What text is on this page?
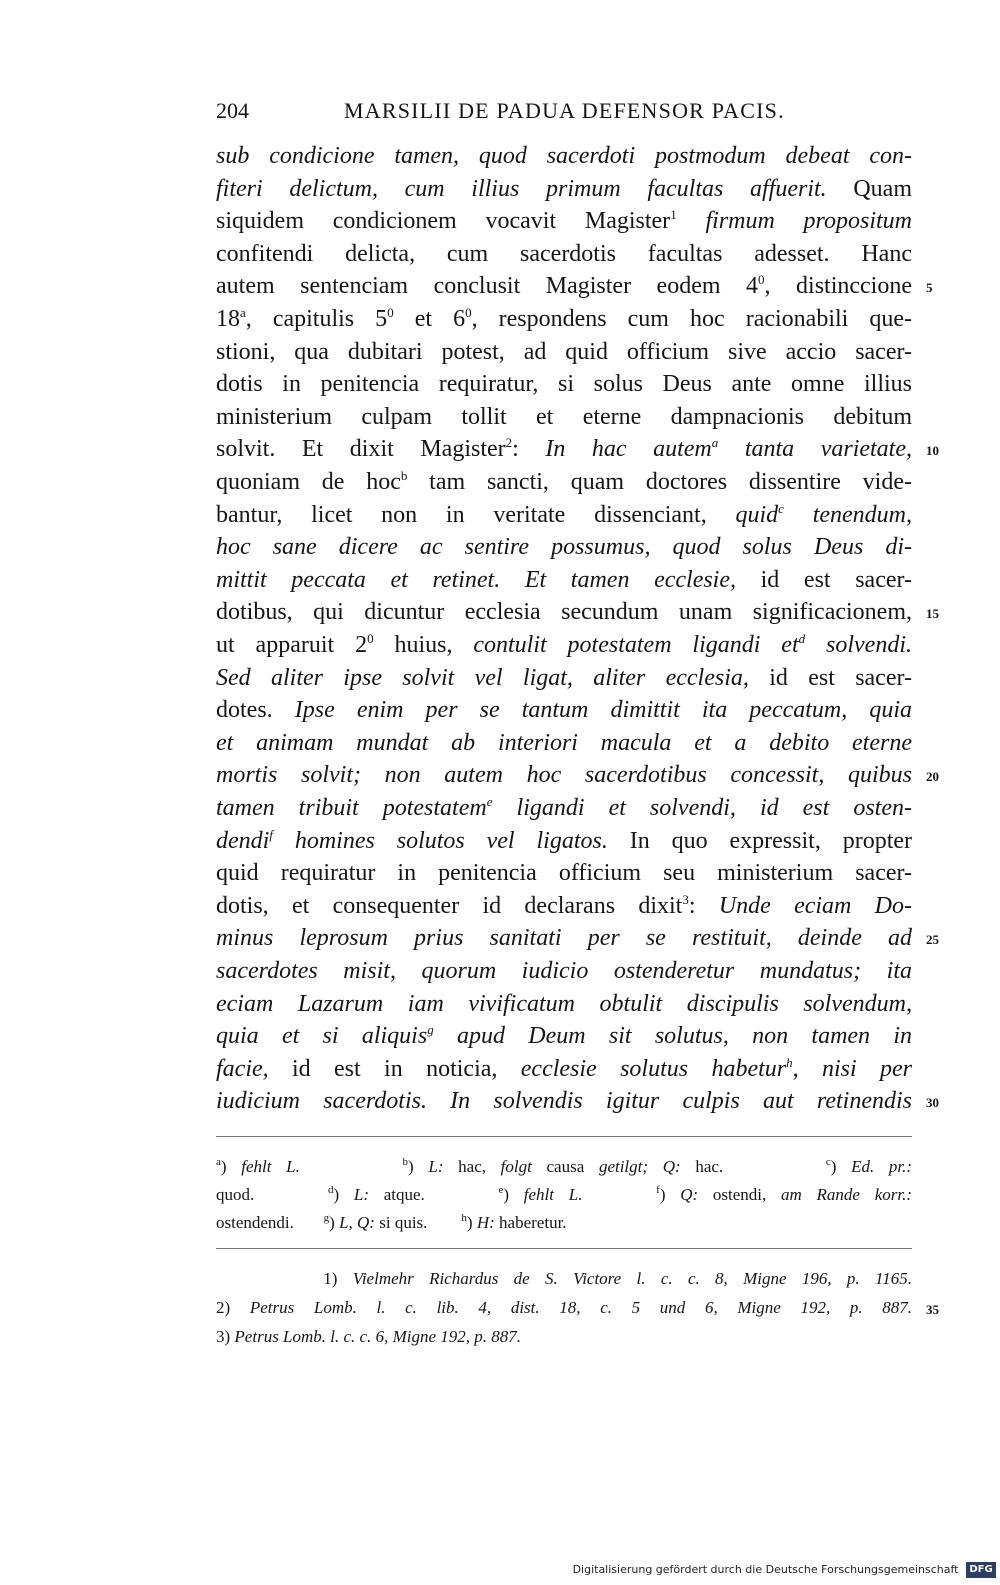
204	MARSILII DE PADUA DEFENSOR PACIS.
sub condicione tamen, quod sacerdoti postmodum debeat con-
fiteri delictum, cum illius primum facultas affuerit. Quam
siquidem condicionem vocavit Magister$^1$ firmum propositum
confitendi delicta, cum sacerdotis facultas adesset. Hanc
autem sentenciam conclusit Magister eodem $4^0$, distinccione
18$^a$, capitulis $5^0$ et $6^0$, respondens cum hoc racionabili que-
stioni, qua dubitari potest, ad quid officium sive accio sacer-
dotis in penitencia requiratur, si solus Deus ante omne illius
ministerium culpam tollit et eterne dampnacionis debitum
solvit. Et dixit Magister$^2$: In hac autem$^a$ tanta varietate,
quoniam de hoc$^b$ tam sancti, quam doctores dissentire vide-
bantur, licet non in veritate dissenciant, quid$^c$ tenendum,
hoc sane dicere ac sentire possumus, quod solus Deus di-
mittit peccata et retinet. Et tamen ecclesie, id est sacer-
dotibus, qui dicuntur ecclesia secundum unam significacionem,
ut apparuit $2^0$ huius, contulit potestatem ligandi $et^d$ solvendi.
Sed aliter ipse solvit vel ligat, aliter ecclesia, id est sacer-
dotes. Ipse enim per se tantum dimittit ita peccatum, quia
et animam mundat ab interiori macula et a debito eterne
mortis solvit; non autem hoc sacerdotibus concessit, quibus
tamen tribuit potestatem$^e$ ligandi et solvendi, id est osten-
dendi$^f$ homines solutos vel ligatos. In quo expressit, propter
quid requiratur in penitencia officium seu ministerium sacer-
dotis, et consequenter id declarans dixit$^3$: Unde eciam Do-
minus leprosum prius sanitati per se restituit, deinde ad
sacerdotes misit, quorum iudicio ostenderetur mundatus; ita
eciam Lazarum iam vivificatum obtulit discipulis solvendum,
quia et si aliquis$^g$ apud Deum sit solutus, non tamen in
facie, id est in noticia, ecclesie solutus habetur$^h$, nisi per
iudicium sacerdotis. In solvendis igitur culpis aut retinendis
5
10
15
20
25
30
$^a$) fehlt L.	$^b$) L: hac, folgt causa getilgt; Q: hac.       $^c$) Ed. pr.:
quod.     $^d$) L: atque.     $^e$) fehlt L.	$^f$) Q: ostendi, am Rande korr.:
ostendendi.       $^g$) L, Q: si quis.        $^h$) H: haberetur.
1) Vielmehr Richardus de S. Victore l. c. c. 8, Migne 196, p. 1165.
2) Petrus Lomb. l. c. lib. 4, dist. 18, c. 5 und 6, Migne 192, p. 887.
3) Petrus Lomb. l. c. c. 6, Migne 192, p. 887.
35
Digitalisierung gefördert durch die Deutsche Forschungsgemeinschaft DFG
